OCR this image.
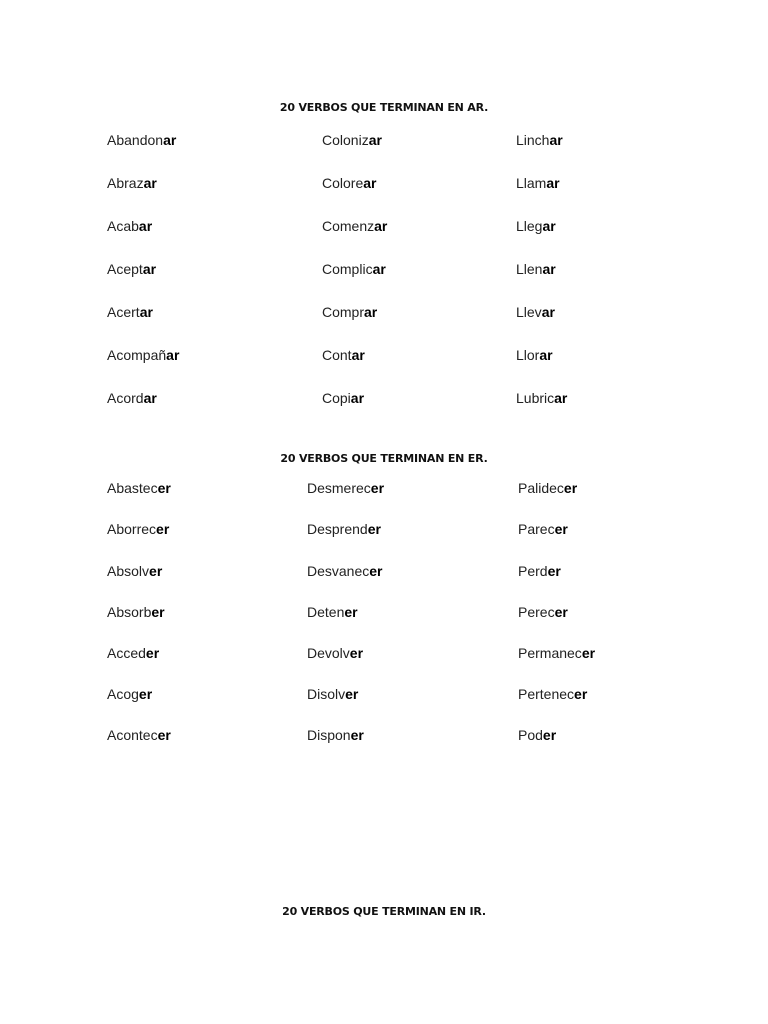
20 VERBOS QUE TERMINAN EN AR.
Abandonar
Abrazar
Acabar
Aceptar
Acertar
Acompañar
Acordar
Colonizar
Colorear
Comenzar
Complicar
Comprar
Contar
Copiar
Linchar
Llamar
Llegar
Llenar
Llevar
Llorar
Lubricar
20 VERBOS QUE TERMINAN EN ER.
Abastecer
Aborrecer
Absolver
Absorber
Acceder
Acoger
Acontecer
Desmerecer
Desprender
Desvanecer
Detener
Devolver
Disolver
Disponer
Palidecer
Parecer
Perder
Perecer
Permanecer
Pertenecer
Poder
20 VERBOS QUE TERMINAN EN IR.
